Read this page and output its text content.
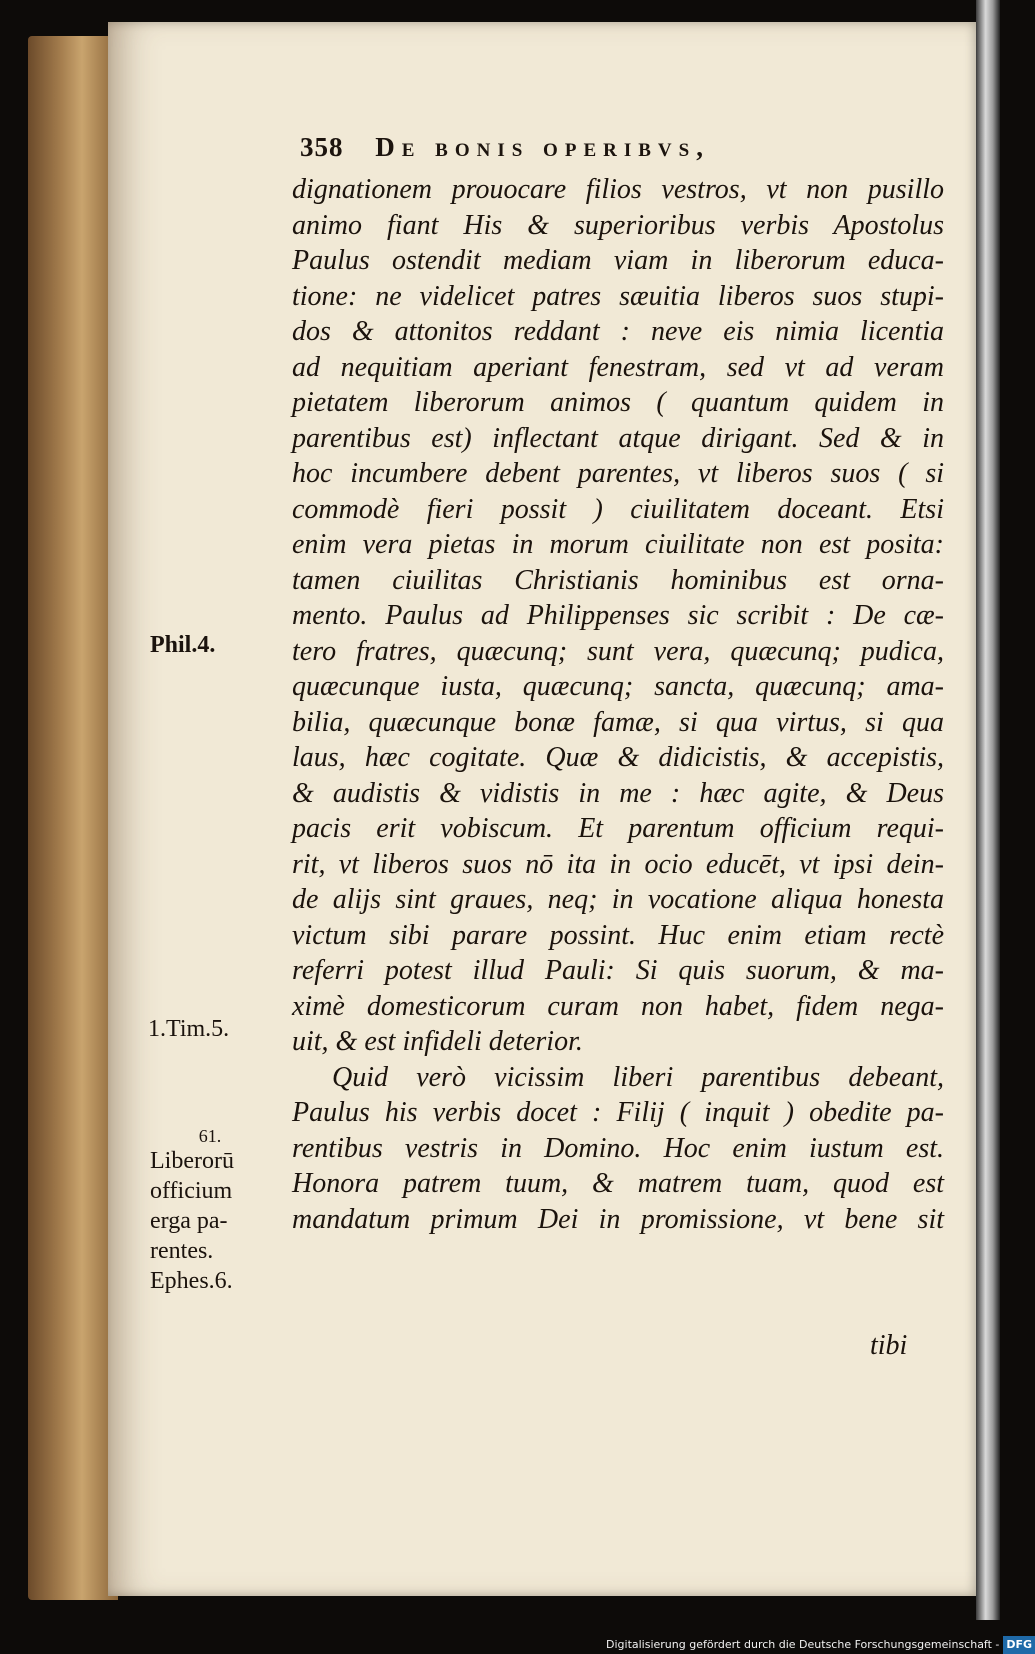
358 De bonis operibvs,
dignationem prouocare filios vestros, vt non pusillo
animo fiant His & superioribus verbis Apostolus
Paulus ostendit mediam viam in liberorum educa-
tione: ne videlicet patres sæuitia liberos suos stupi-
dos & attonitos reddant : neve eis nimia licentia
ad nequitiam aperiant fenestram, sed vt ad veram
pietatem liberorum animos ( quantum quidem in
parentibus est) inflectant atque dirigant. Sed & in
hoc incumbere debent parentes, vt liberos suos ( si
commodè fieri possit ) ciuilitatem doceant. Etsi
enim vera pietas in morum ciuilitate non est posita:
tamen ciuilitas Christianis hominibus est orna-
mento. Paulus ad Philippenses sic scribit : De cæ-
tero fratres, quæcunq; sunt vera, quæcunq; pudica,
quæcunque iusta, quæcunq; sancta, quæcunq; ama-
bilia, quæcunque bonæ famæ, si qua virtus, si qua
laus, hæc cogitate. Quæ & didicistis, & accepistis,
& audistis & vidistis in me : hæc agite, & Deus
pacis erit vobiscum. Et parentum officium requi-
rit, vt liberos suos nō ita in ocio educēt, vt ipsi dein-
de alijs sint graues, neq; in vocatione aliqua honesta
victum sibi parare possint. Huc enim etiam rectè
referri potest illud Pauli: Si quis suorum, & ma-
ximè domesticorum curam non habet, fidem nega-
uit, & est infideli deterior.
Quid verò vicissim liberi parentibus debeant,
Paulus his verbis docet : Filij ( inquit ) obedite pa-
rentibus vestris in Domino. Hoc enim iustum est.
Honora patrem tuum, & matrem tuam, quod est
mandatum primum Dei in promissione, vt bene sit
tibi
Phil.4.
1.Tim.5.
61.
Liberorū
officium
erga pa-
rentes.
Ephes.6.
Digitalisierung gefördert durch die Deutsche Forschungsgemeinschaft - DFG
